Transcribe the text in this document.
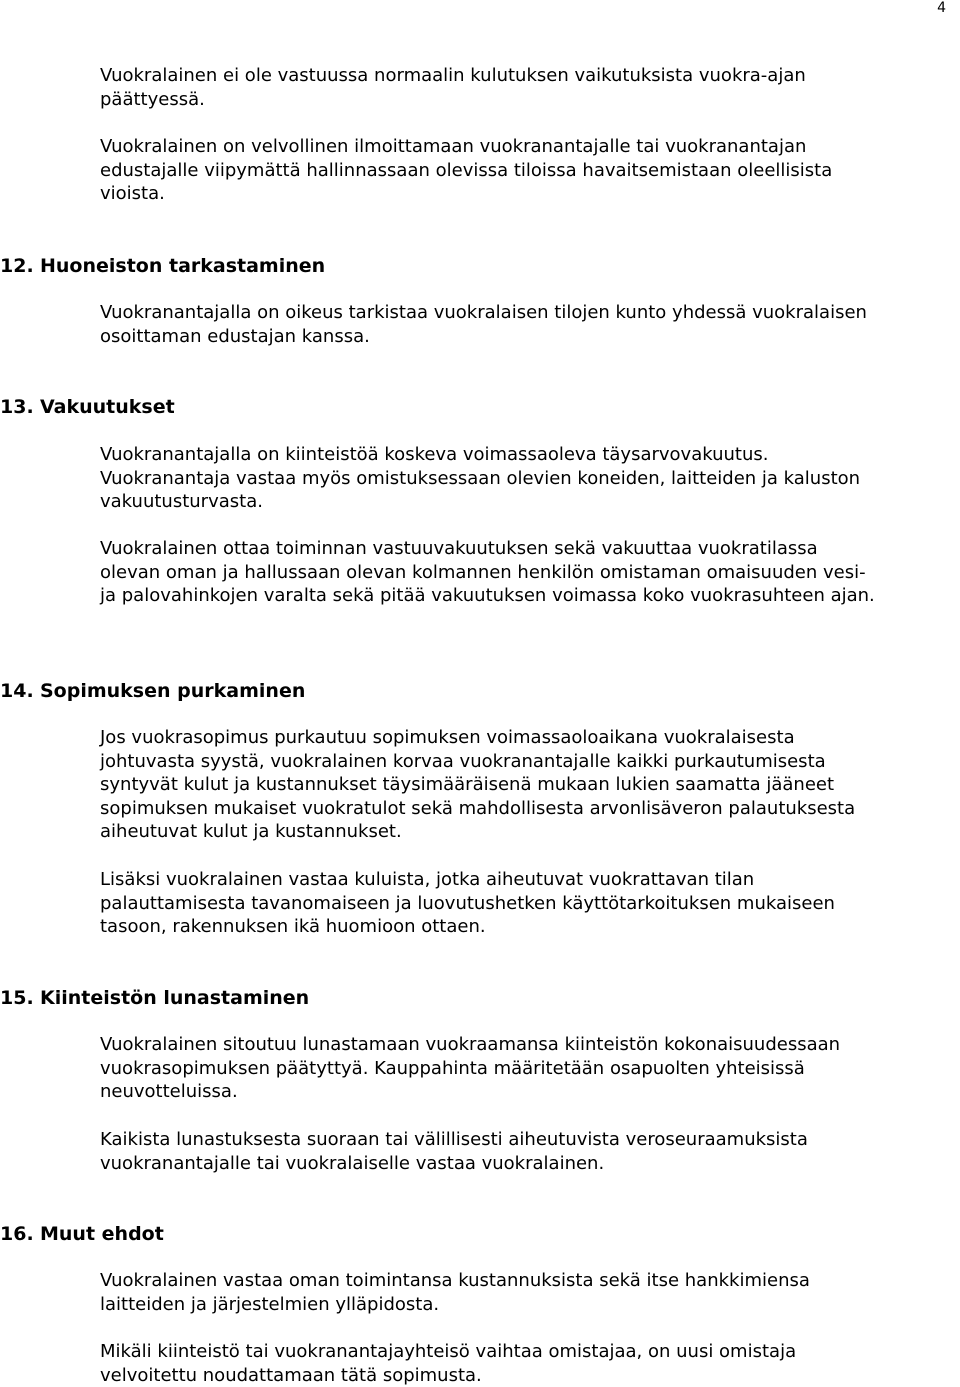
4

Vuokralainen ei ole vastuussa normaalin kulutuksen vaikutuksista vuokra-ajan
päättyessä.

Vuokralainen on velvollinen ilmoittamaan vuokranantajalle tai vuokranantajan
edustajalle viipymättä hallinnassaan olevissa tiloissa havaitsemistaan oleellisista
vioista.

12. Huoneiston tarkastaminen

Vuokranantajalla on oikeus tarkistaa vuokralaisen tilojen kunto yhdessä vuokralaisen
osoittaman edustajan kanssa.

13. Vakuutukset

Vuokranantajalla on kiinteistöä koskeva voimassaoleva täysarvovakuutus.
Vuokranantaja vastaa myös omistuksessaan olevien koneiden, laitteiden ja kaluston
vakuutusturvasta.

Vuokralainen ottaa toiminnan vastuuvakuutuksen sekä vakuuttaa vuokratilassa
olevan oman ja hallussaan olevan kolmannen henkilön omistaman omaisuuden vesi-
ja palovahinkojen varalta sekä pitää vakuutuksen voimassa koko vuokrasuhteen ajan.

14. Sopimuksen purkaminen

Jos vuokrasopimus purkautuu sopimuksen voimassaoloaikana vuokralaisesta
johtuvasta syystä, vuokralainen korvaa vuokranantajalle kaikki purkautumisesta
syntyvät kulut ja kustannukset täysimääräisenä mukaan lukien saamatta jääneet
sopimuksen mukaiset vuokratulot sekä mahdollisesta arvonlisäveron palautuksesta
aiheutuvat kulut ja kustannukset.

Lisäksi vuokralainen vastaa kuluista, jotka aiheutuvat vuokrattavan tilan
palauttamisesta tavanomaiseen ja luovutushetken käyttötarkoituksen mukaiseen
tasoon, rakennuksen ikä huomioon ottaen.

15. Kiinteistön lunastaminen

Vuokralainen sitoutuu lunastamaan vuokraamansa kiinteistön kokonaisuudessaan
vuokrasopimuksen päätyttyä. Kauppahinta määritetään osapuolten yhteisissä
neuvotteluissa.

Kaikista lunastuksesta suoraan tai välillisesti aiheutuvista veroseuraamuksista
vuokranantajalle tai vuokralaiselle vastaa vuokralainen.

16. Muut ehdot

Vuokralainen vastaa oman toimintansa kustannuksista sekä itse hankkimiensa
laitteiden ja järjestelmien ylläpidosta.

Mikäli kiinteistö tai vuokranantajayhteisö vaihtaa omistajaa, on uusi omistaja
velvoitettu noudattamaan tätä sopimusta.
